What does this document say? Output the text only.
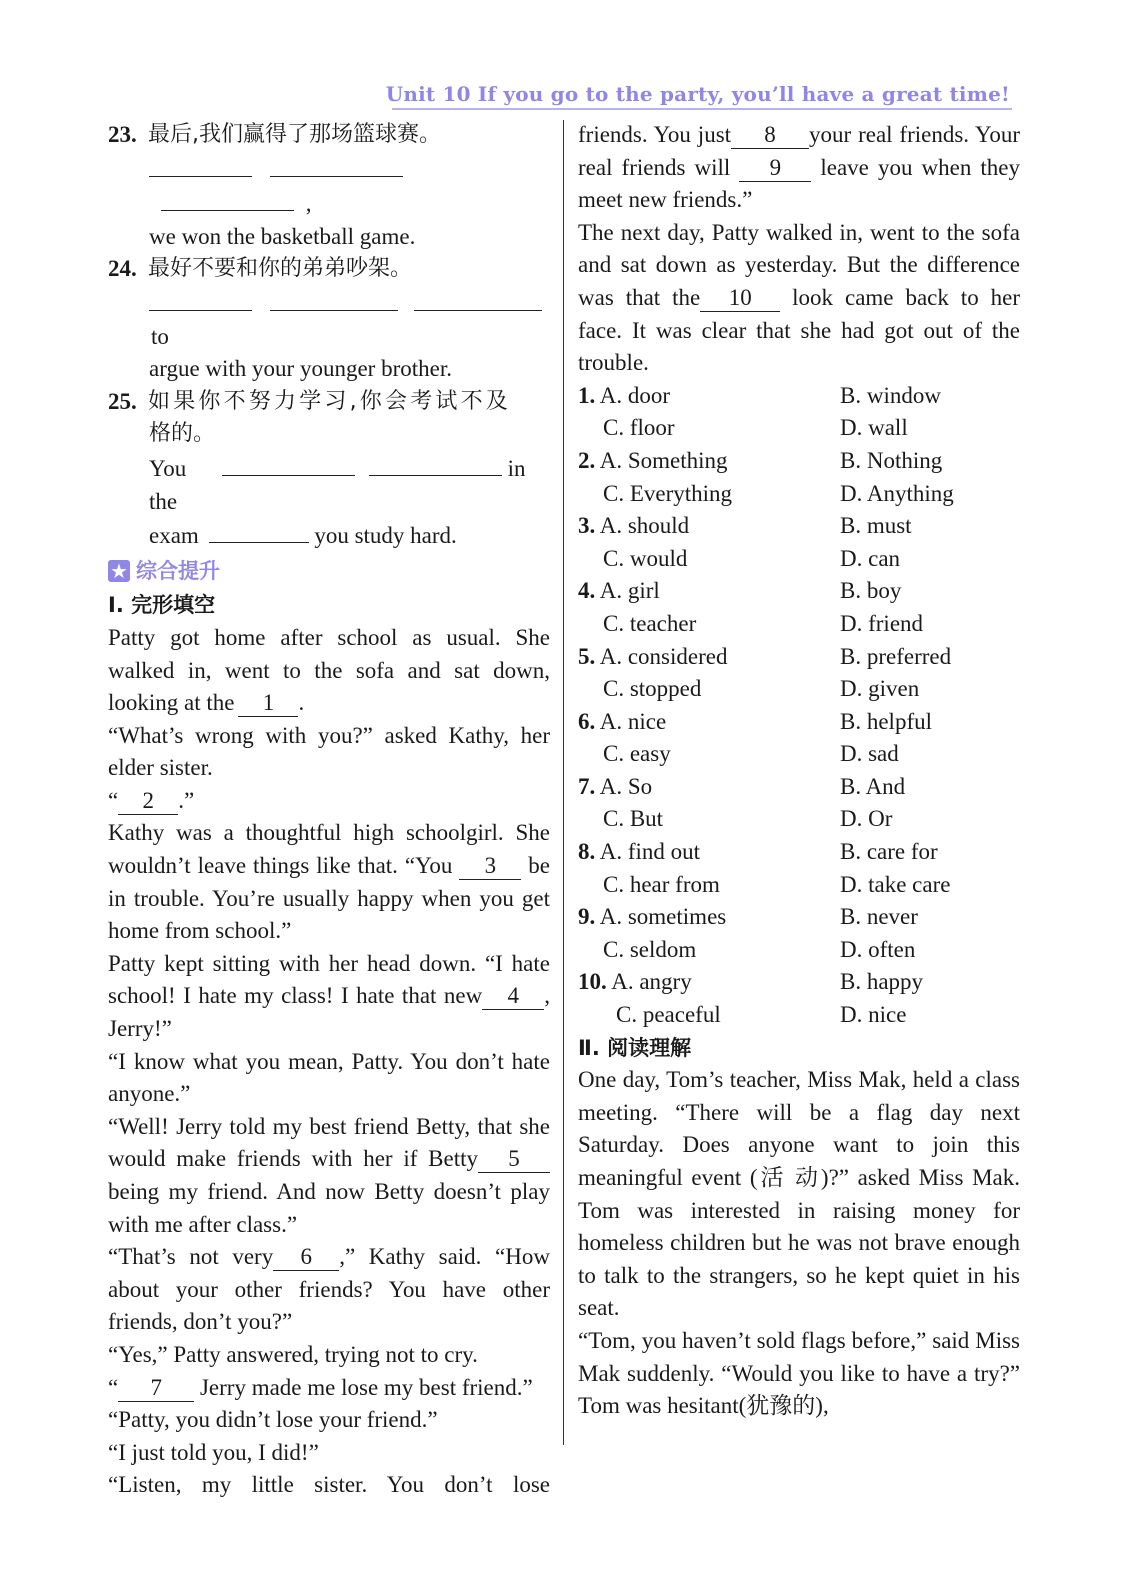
Unit 10 If you go to the party, you’ll have a great time!
23. 最后,我们赢得了那场篮球赛。
,

we won the basketball game.

24. 最好不要和你的弟弟吵架。
to

argue with your younger brother.

25. 如果你不努力学习,你会考试不及

格的。

You	in the
exam	you study hard.
★ 综合提升

Ⅰ. 完形填空

Patty got home after school as usual. She walked in, went to the sofa and sat down, looking at the 1 .

“What’s wrong with you?” asked Kathy, her elder sister.

“ 2 .”

Kathy was a thoughtful high schoolgirl. She wouldn’t leave things like that. “You 3 be in trouble. You’re usually happy when you get home from school.”

Patty kept sitting with her head down. “I hate school! I hate my class! I hate that new 4 , Jerry!”

“I know what you mean, Patty. You don’t hate anyone.”

“Well! Jerry told my best friend Betty, that she would make friends with her if Betty 5 being my friend. And now Betty doesn’t play with me after class.”

“That’s not very 6 ,” Kathy said. “How about your other friends? You have other friends, don’t you?”

“Yes,” Patty answered, trying not to cry.

“ 7 Jerry made me lose my best friend.”

“Patty, you didn’t lose your friend.”

“I just told you, I did!”

“Listen, my little sister. You don’t lose

friends. You just 8 your real friends. Your real friends will 9 leave you when they meet new friends.”

The next day, Patty walked in, went to the sofa and sat down as yesterday. But the difference was that the 10 look came back to her face. It was clear that she had got out of the trouble.

1. A. door	B. window
C. floor	D. wall
2. A. Something	B. Nothing
C. Everything	D. Anything
3. A. should	B. must
C. would	D. can
4. A. girl	B. boy
C. teacher	D. friend
5. A. considered	B. preferred
C. stopped	D. given
6. A. nice	B. helpful
C. easy	D. sad
7. A. So	B. And
C. But	D. Or
8. A. find out	B. care for
C. hear from	D. take care
9. A. sometimes	B. never
C. seldom	D. often
10. A. angry	B. happy
C. peaceful	D. nice

Ⅱ. 阅读理解

One day, Tom’s teacher, Miss Mak, held a class meeting. “There will be a flag day next Saturday. Does anyone want to join this meaningful event (活 动)?” asked Miss Mak. Tom was interested in raising money for homeless children but he was not brave enough to talk to the strangers, so he kept quiet in his seat.

“Tom, you haven’t sold flags before,” said Miss Mak suddenly. “Would you like to have a try?” Tom was hesitant(犹豫的),
